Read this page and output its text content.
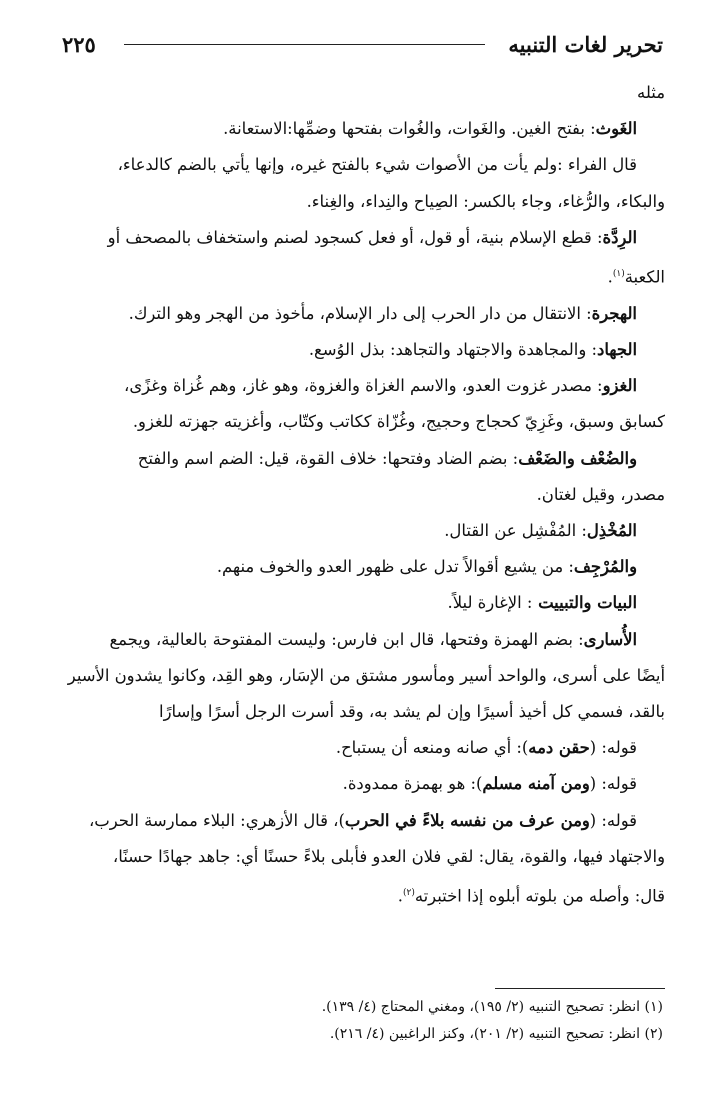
تحرير لغات التنبيه
٢٢٥
مثله
الغَوث: بفتح الغين. والغَوات، والغُوات بفتحها وضمِّها:الاستعانة.
قال الفراء :ولم يأت من الأصوات شيء بالفتح غيره، وإنها يأتي بالضم كالدعاء،
والبكاء، والرُّغاء، وجاء بالكسر: الصِياح والنِداء، والغِناء.
الرِدَّة: قطع الإسلام بنية، أو قول، أو فعل كسجود لصنم واستخفاف بالمصحف أو
الكعبة$^{(١)}$.
الهجرة: الانتقال من دار الحرب إلى دار الإسلام، مأخوذ من الهجر وهو الترك.
الجهاد: والمجاهدة والاجتهاد والتجاهد: بذل الوُسع.
الغزو: مصدر غزوت العدو، والاسم الغزاة والغزوة، وهو غاز، وهم غُزاة وغزًى،
كسابق وسبق، وغَزِيّ كحجاج وحجيج، وغُزّاة ككاتب وكتّاب، وأغزيته جهزته للغزو.
والضُعْف والضَعْف: بضم الضاد وفتحها: خلاف القوة، قيل: الضم اسم والفتح
مصدر، وقيل لغتان.
المُخْذِل: المُفْشِل عن القتال.
والمُرْجِف: من يشيع أقوالاً تدل على ظهور العدو والخوف منهم.
البيات والتبييت : الإغارة ليلاً.
الأُسارى: بضم الهمزة وفتحها، قال ابن فارس: وليست المفتوحة بالعالية، ويجمع
أيضًا على أسرى، والواحد أسير ومأسور مشتق من الإسَار، وهو القِد، وكانوا يشدون الأسير
بالقد، فسمي كل أخيذ أسيرًا وإن لم يشد به، وقد أسرت الرجل أسرًا وإسارًا
قوله: (حقن دمه): أي صانه ومنعه أن يستباح.
قوله: (ومن آمنه مسلم): هو بهمزة ممدودة.
قوله: (ومن عرف من نفسه بلاءً في الحرب)، قال الأزهري: البلاء ممارسة الحرب،
والاجتهاد فيها، والقوة، يقال: لقي فلان العدو فأبلى بلاءً حسنًا أي: جاهد جهادًا حسنًا،
قال: وأصله من بلوته أبلوه إذا اختبرته$^{(٢)}$.
(١) انظر: تصحيح التنبيه (٢/ ١٩٥)، ومغني المحتاج (٤/ ١٣٩).
(٢) انظر: تصحيح التنبيه (٢/ ٢٠١)، وكنز الراغبين (٤/ ٢١٦).
